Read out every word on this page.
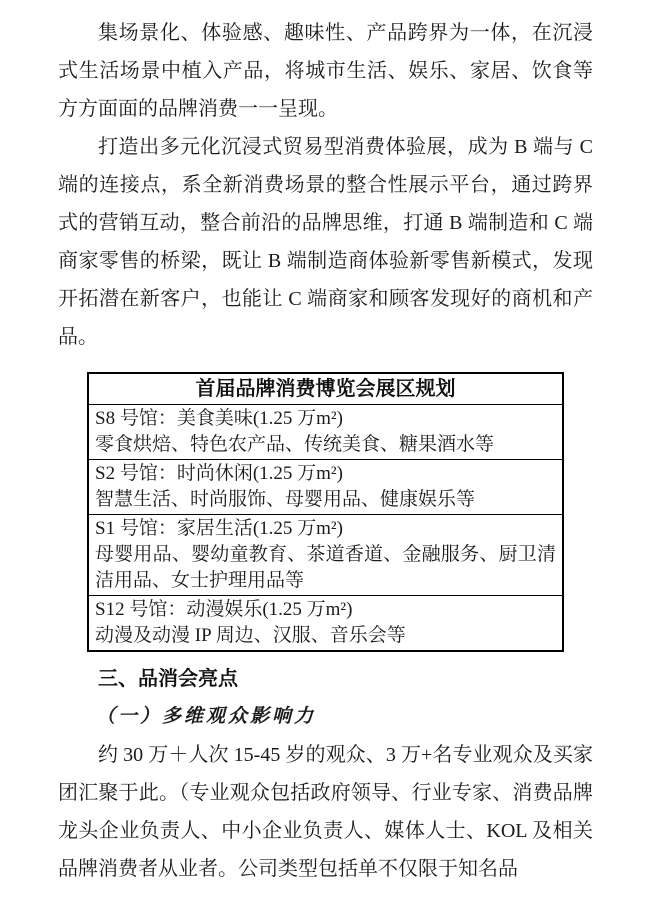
集场景化、体验感、趣味性、产品跨界为一体，在沉浸式生活场景中植入产品，将城市生活、娱乐、家居、饮食等方方面面的品牌消费一一呈现。

打造出多元化沉浸式贸易型消费体验展，成为 B 端与 C 端的连接点，系全新消费场景的整合性展示平台，通过跨界式的营销互动，整合前沿的品牌思维，打通 B 端制造和 C 端商家零售的桥梁，既让 B 端制造商体验新零售新模式，发现开拓潜在新客户，也能让 C 端商家和顾客发现好的商机和产品。

首届品牌消费博览会展区规划

S8 号馆：美食美味(1.25 万m²)
零食烘焙、特色农产品、传统美食、糖果酒水等

S2 号馆：时尚休闲(1.25 万m²)
智慧生活、时尚服饰、母婴用品、健康娱乐等

S1 号馆：家居生活(1.25 万m²)
母婴用品、婴幼童教育、茶道香道、金融服务、厨卫清洁用品、女士护理用品等

S12 号馆：动漫娱乐(1.25 万m²)
动漫及动漫 IP 周边、汉服、音乐会等
三、品消会亮点
（一）多维观众影响力

约 30 万＋人次 15-45 岁的观众、3 万+名专业观众及买家团汇聚于此。（专业观众包括政府领导、行业专家、消费品牌龙头企业负责人、中小企业负责人、媒体人士、KOL 及相关品牌消费者从业者。公司类型包括单不仅限于知名品
